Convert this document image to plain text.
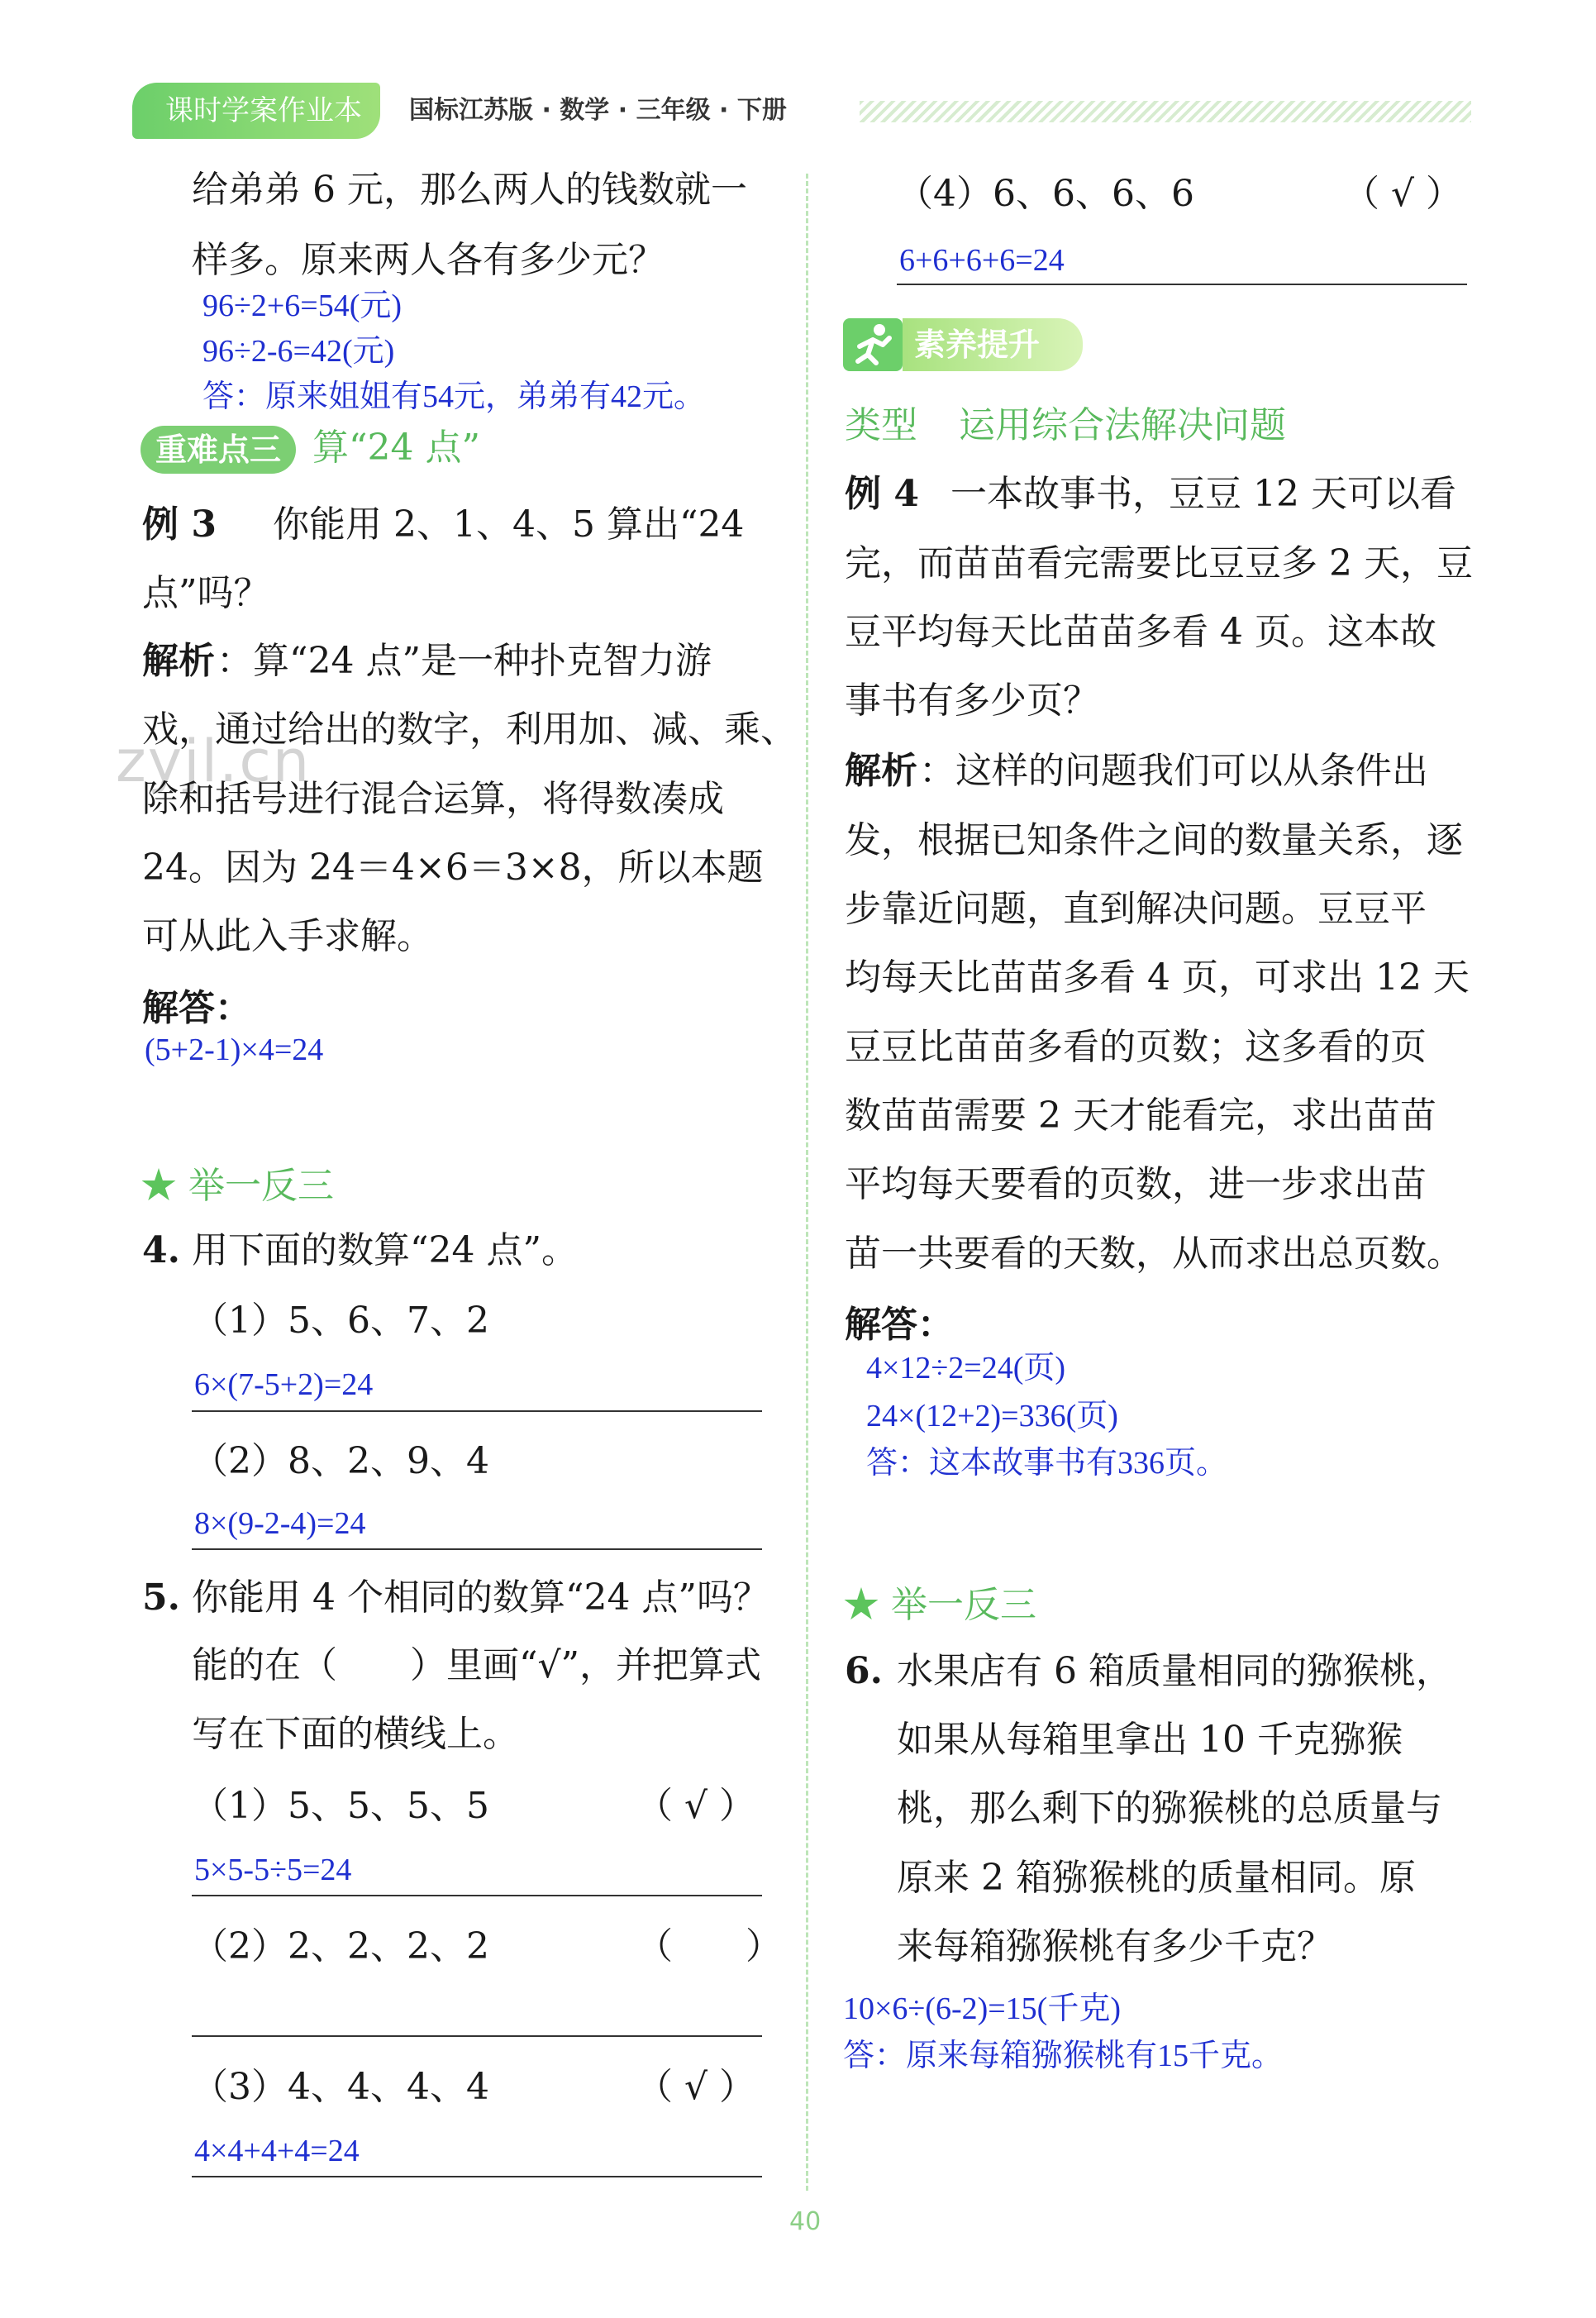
课时学案作业本	国标江苏版 · 数学 · 三年级 · 下册
zyjl.cn
给弟弟 6 元，那么两人的钱数就一
样多。原来两人各有多少元？
96÷2+6=54(元)
96÷2-6=42(元)
答：原来姐姐有54元，弟弟有42元。
重难点三 算“24 点”
例 3 你能用 2、1、4、5 算出“24
点”吗？
解析 ：算“24 点”是一种扑克智力游
戏，通过给出的数字，利用加、减、乘、
除和括号进行混合运算，将得数凑成
24。因为 24＝4×6＝3×8，所以本题
可从此入手求解。
解答：
(5+2-1)×4=24
★ 举一反三
4. 用下面的数算“24 点”。
（1）5、6、7、2
6×(7-5+2)=24
（2）8、2、9、4
8×(9-2-4)=24
5. 你能用 4 个相同的数算“24 点”吗？
能的在（　　）里画“√”，并把算式
写在下面的横线上。
（1）5、5、5、5	（ √ ）
5×5-5÷5=24
（2）2、2、2、2	（　　）
（3）4、4、4、4	（ √ ）
4×4+4+4=24
（4）6、6、6、6	（ √ ）
6+6+6+6=24
素养提升
类型 运用综合法解决问题
例 4 一本故事书，豆豆 12 天可以看
完，而苗苗看完需要比豆豆多 2 天，豆
豆平均每天比苗苗多看 4 页。这本故
事书有多少页？
解析 ：这样的问题我们可以从条件出
发，根据已知条件之间的数量关系，逐
步靠近问题，直到解决问题。豆豆平
均每天比苗苗多看 4 页，可求出 12 天
豆豆比苗苗多看的页数；这多看的页
数苗苗需要 2 天才能看完，求出苗苗
平均每天要看的页数，进一步求出苗
苗一共要看的天数，从而求出总页数。
解答：
4×12÷2=24(页)
24×(12+2)=336(页)
答：这本故事书有336页。
★ 举一反三
6. 水果店有 6 箱质量相同的猕猴桃，
如果从每箱里拿出 10 千克猕猴
桃，那么剩下的猕猴桃的总质量与
原来 2 箱猕猴桃的质量相同。原
来每箱猕猴桃有多少千克？
10×6÷(6-2)=15(千克)
答：原来每箱猕猴桃有15千克。
40
